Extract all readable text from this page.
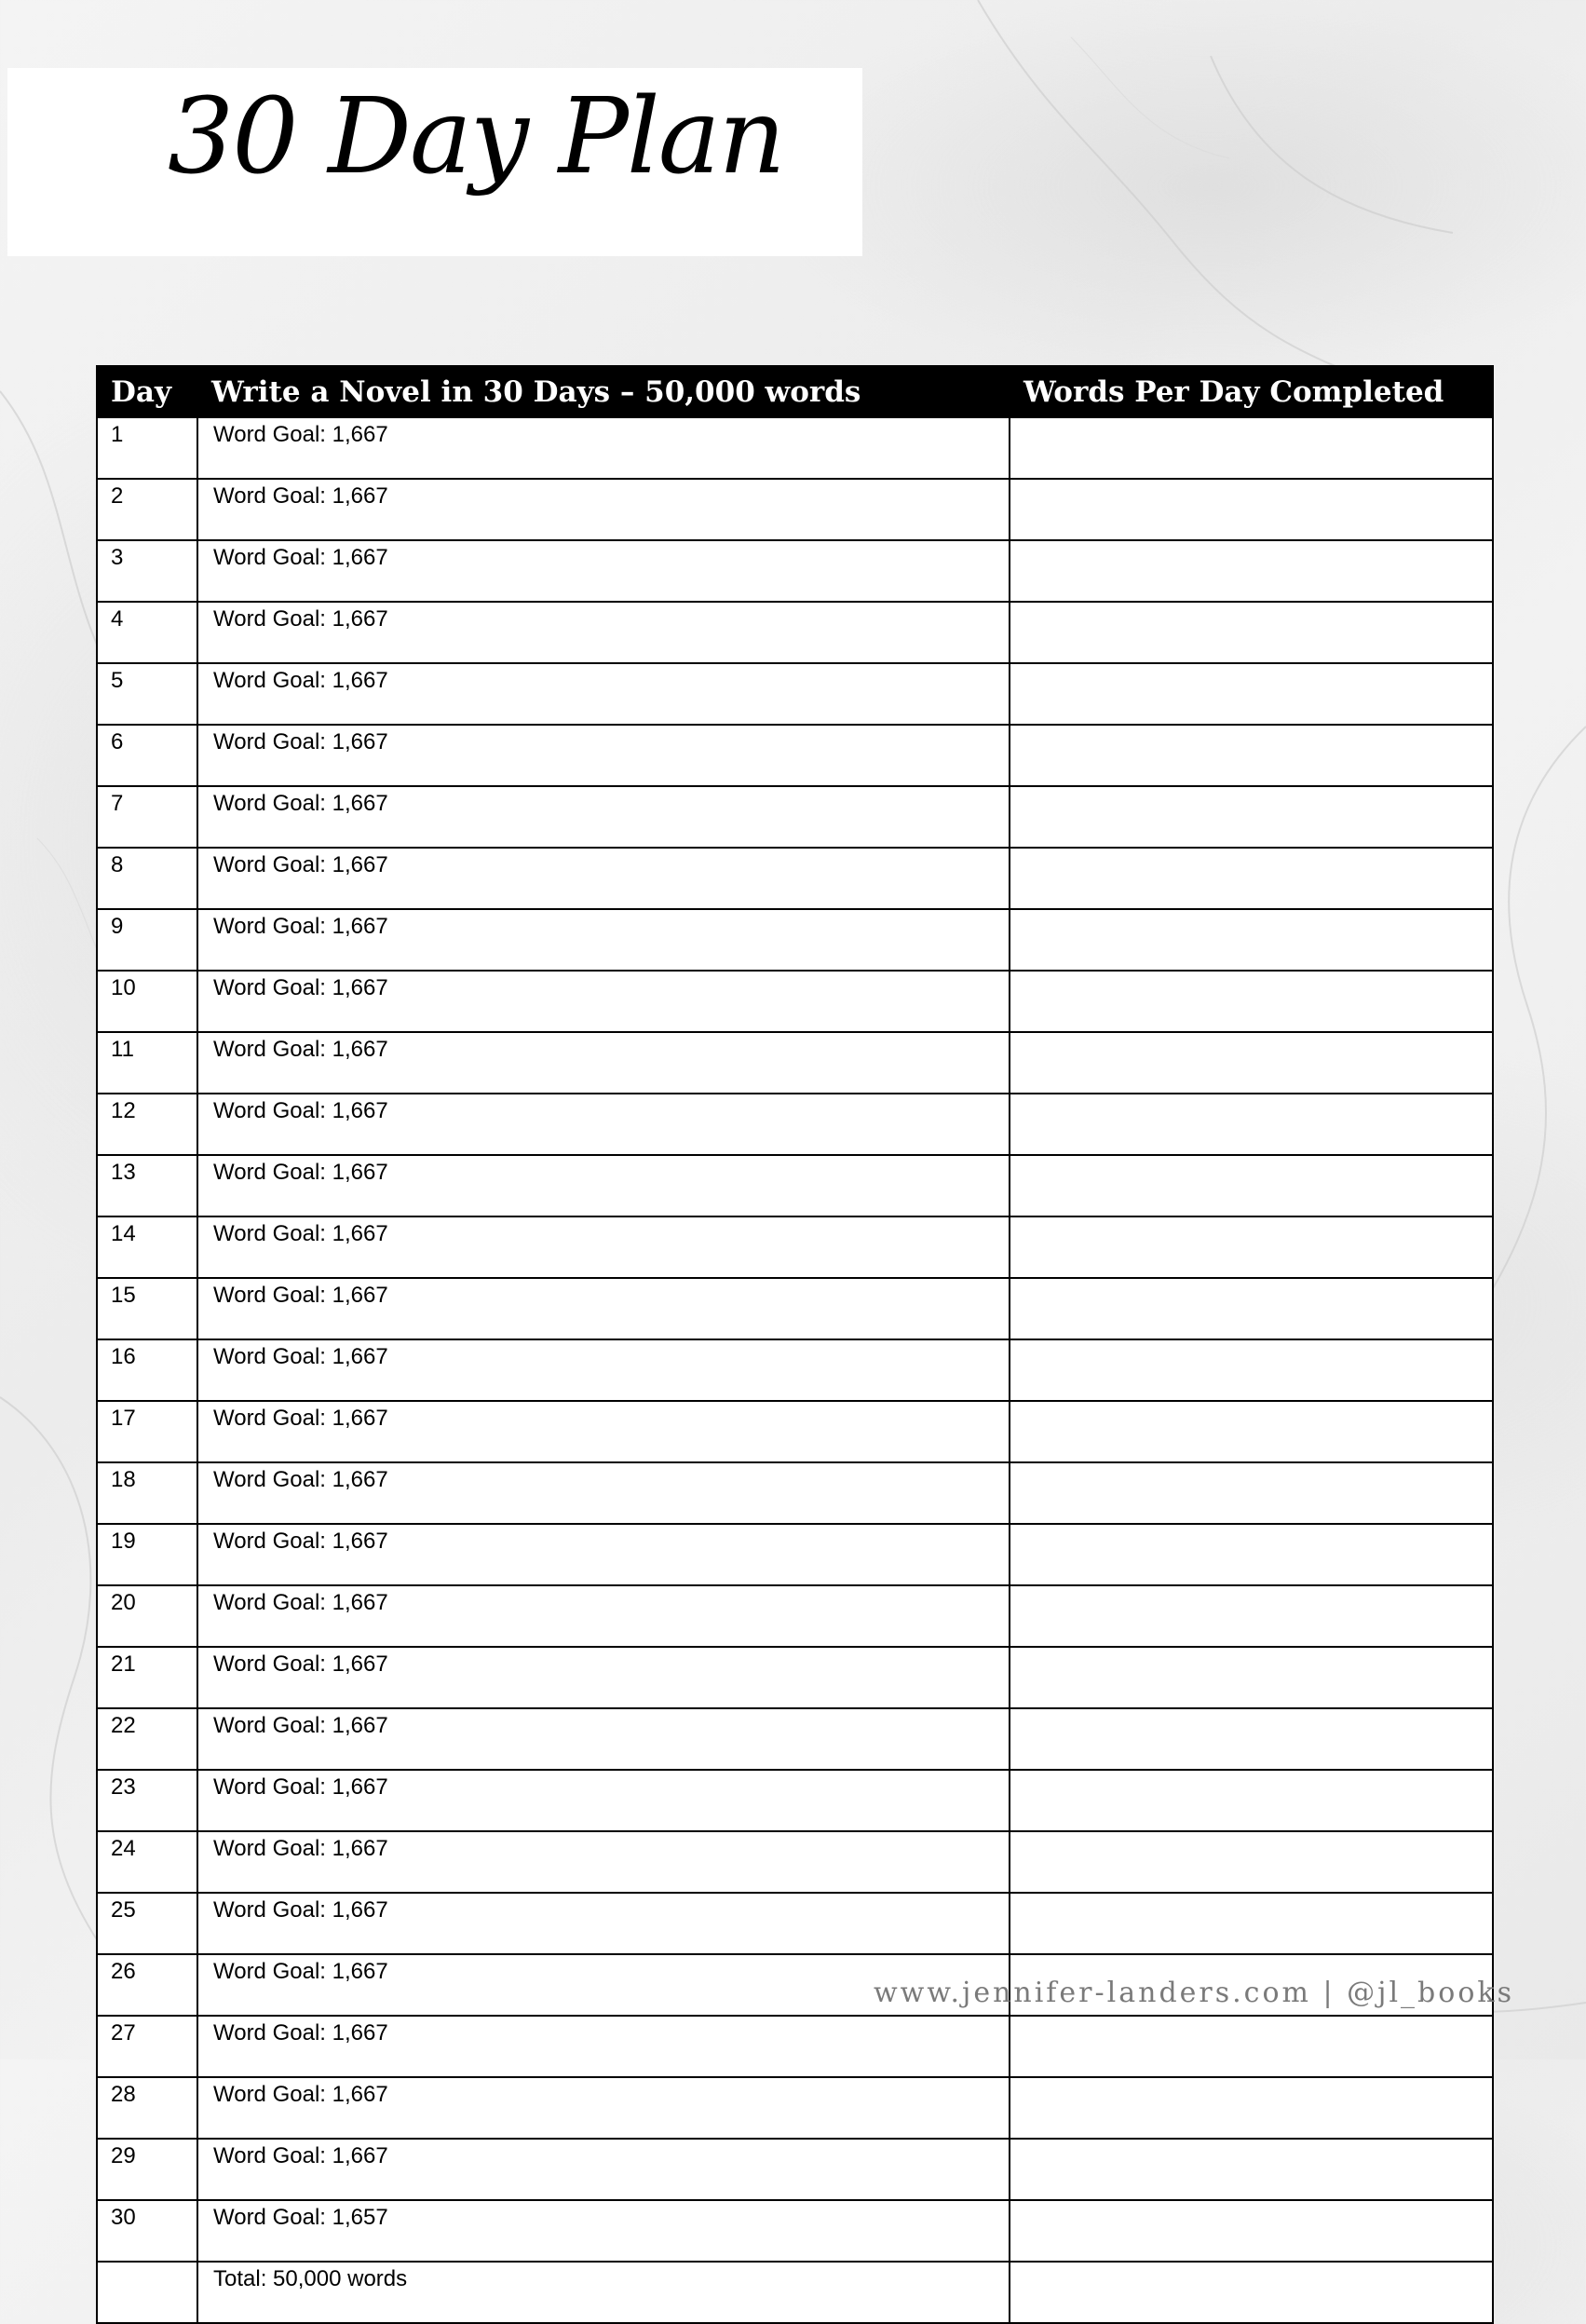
30 Day Plan
Day	Write a Novel in 30 Days – 50,000 words	Words Per Day Completed
1	Word Goal: 1,667	
2	Word Goal: 1,667	
3	Word Goal: 1,667	
4	Word Goal: 1,667	
5	Word Goal: 1,667	
6	Word Goal: 1,667	
7	Word Goal: 1,667	
8	Word Goal: 1,667	
9	Word Goal: 1,667	
10	Word Goal: 1,667	
11	Word Goal: 1,667	
12	Word Goal: 1,667	
13	Word Goal: 1,667	
14	Word Goal: 1,667	
15	Word Goal: 1,667	
16	Word Goal: 1,667	
17	Word Goal: 1,667	
18	Word Goal: 1,667	
19	Word Goal: 1,667	
20	Word Goal: 1,667	
21	Word Goal: 1,667	
22	Word Goal: 1,667	
23	Word Goal: 1,667	
24	Word Goal: 1,667	
25	Word Goal: 1,667	
26	Word Goal: 1,667	
27	Word Goal: 1,667	
28	Word Goal: 1,667	
29	Word Goal: 1,667	
30	Word Goal: 1,657	
	Total: 50,000 words	
www.jennifer-landers.com | @jl_books
